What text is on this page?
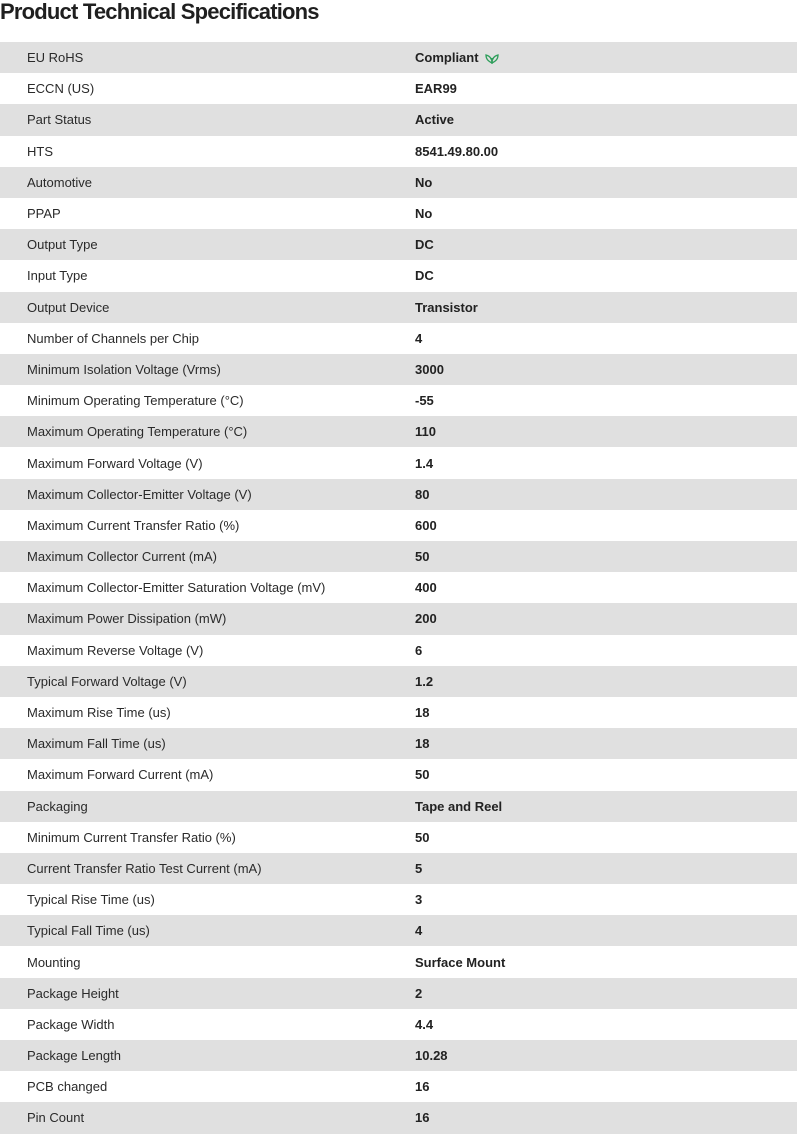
Product Technical Specifications
EU RoHS	Compliant
ECCN (US)	EAR99
Part Status	Active
HTS	8541.49.80.00
Automotive	No
PPAP	No
Output Type	DC
Input Type	DC
Output Device	Transistor
Number of Channels per Chip	4
Minimum Isolation Voltage (Vrms)	3000
Minimum Operating Temperature (°C)	-55
Maximum Operating Temperature (°C)	110
Maximum Forward Voltage (V)	1.4
Maximum Collector-Emitter Voltage (V)	80
Maximum Current Transfer Ratio (%)	600
Maximum Collector Current (mA)	50
Maximum Collector-Emitter Saturation Voltage (mV)	400
Maximum Power Dissipation (mW)	200
Maximum Reverse Voltage (V)	6
Typical Forward Voltage (V)	1.2
Maximum Rise Time (us)	18
Maximum Fall Time (us)	18
Maximum Forward Current (mA)	50
Packaging	Tape and Reel
Minimum Current Transfer Ratio (%)	50
Current Transfer Ratio Test Current (mA)	5
Typical Rise Time (us)	3
Typical Fall Time (us)	4
Mounting	Surface Mount
Package Height	2
Package Width	4.4
Package Length	10.28
PCB changed	16
Pin Count	16
